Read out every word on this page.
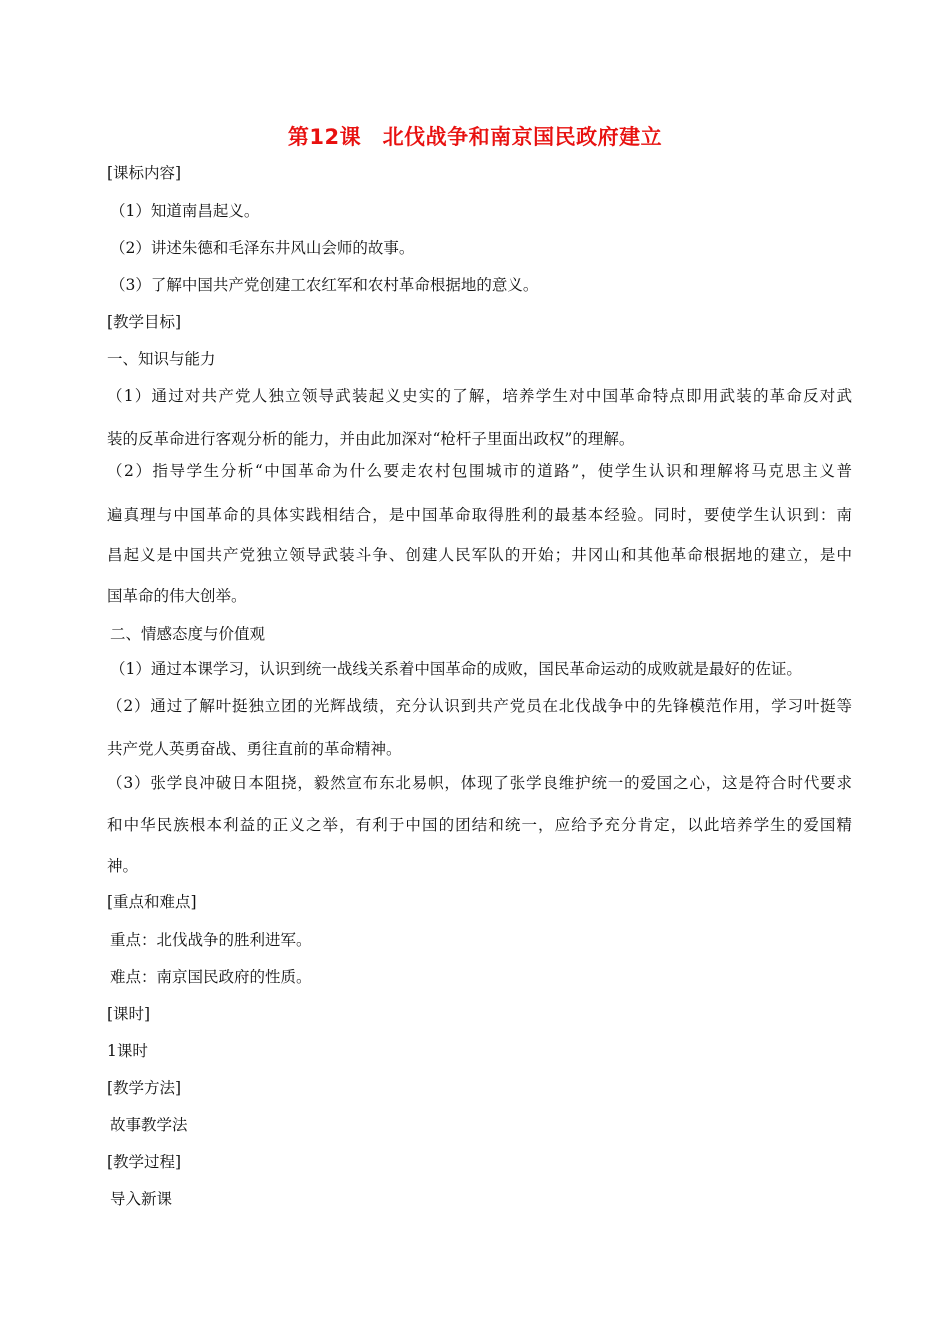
第12课　北伐战争和南京国民政府建立
[课标内容]
（1）知道南昌起义。
（2）讲述朱德和毛泽东井风山会师的故事。
（3）了解中国共产党创建工农红军和农村革命根据地的意义。
[教学目标]
一、知识与能力
（1）通过对共产党人独立领导武装起义史实的了解，培养学生对中国革命特点即用武装的革命反对武
装的反革命进行客观分析的能力，并由此加深对“枪杆子里面出政权”的理解。
（2）指导学生分析“中国革命为什么要走农村包围城市的道路”，使学生认识和理解将马克思主义普
遍真理与中国革命的具体实践相结合，是中国革命取得胜利的最基本经验。同时，要使学生认识到：南
昌起义是中国共产党独立领导武装斗争、创建人民军队的开始；井冈山和其他革命根据地的建立，是中
国革命的伟大创举。
二、情感态度与价值观
（1）通过本课学习，认识到统一战线关系着中国革命的成败，国民革命运动的成败就是最好的佐证。
（2）通过了解叶挺独立团的光辉战绩，充分认识到共产党员在北伐战争中的先锋模范作用，学习叶挺等
共产党人英勇奋战、勇往直前的革命精神。
（3）张学良冲破日本阻挠，毅然宣布东北易帜，体现了张学良维护统一的爱国之心，这是符合时代要求
和中华民族根本利益的正义之举，有利于中国的团结和统一，应给予充分肯定，以此培养学生的爱国精
神。
[重点和难点]
重点：北伐战争的胜利进军。
难点：南京国民政府的性质。
[课时]
1课时
[教学方法]
故事教学法
[教学过程]
导入新课
